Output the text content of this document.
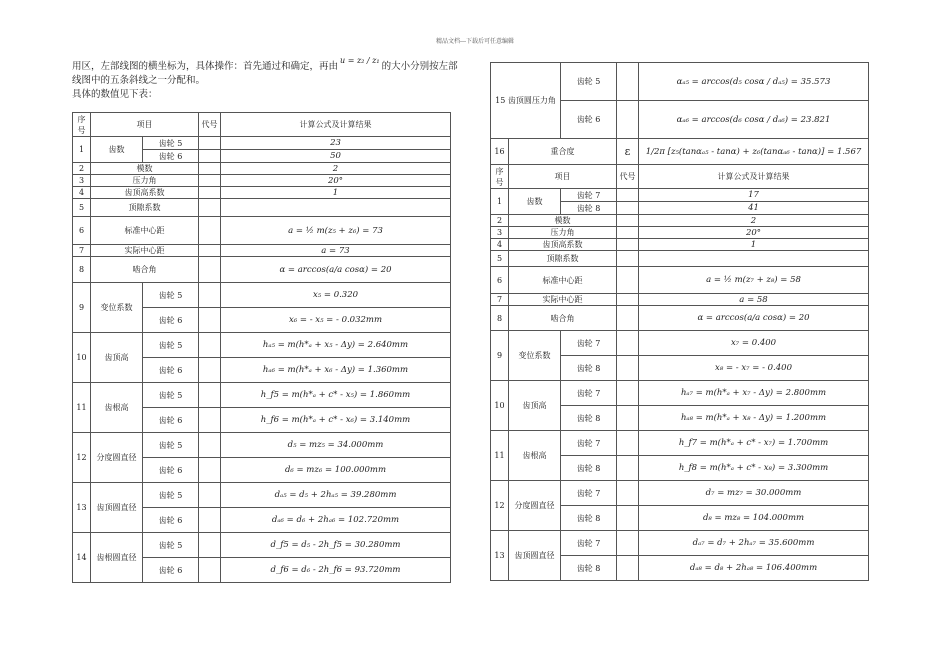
精品文档---下载后可任意编辑
用区，左部线图的横坐标为，具体操作：首先通过和确定，再由$^{u = z_2 / z_1}$的大小分别按左部
线图中的五条斜线之一分配和。
具体的数值见下表：
序号	项目		代号	计算公式及计算结果
1	齿数	齿轮 5		23
		齿轮 6		50
2	模数			2
3	压力角			20°
4	齿顶高系数			1
5	顶隙系数			
6	标准中心距			a = ½ m(z₅ + z₆) = 73
7	实际中心距			a = 73
8	啮合角			α = arccos(a/a cosα) = 20
9	变位系数	齿轮 5		x₅ = 0.320
		齿轮 6		x₆ = - x₅ = - 0.032mm
10	齿顶高	齿轮 5		hₐ₅ = m(h*ₐ + x₅ - Δy) = 2.640mm
		齿轮 6		hₐ₆ = m(h*ₐ + x₆ - Δy) = 1.360mm
11	齿根高	齿轮 5		h_f5 = m(h*ₐ + c* - x₅) = 1.860mm
		齿轮 6		h_f6 = m(h*ₐ + c* - x₆) = 3.140mm
12	分度圆直径	齿轮 5		d₅ = mz₅ = 34.000mm
		齿轮 6		d₆ = mz₆ = 100.000mm
13	齿顶圆直径	齿轮 5		dₐ₅ = d₅ + 2hₐ₅ = 39.280mm
		齿轮 6		dₐ₆ = d₆ + 2hₐ₆ = 102.720mm
14	齿根圆直径	齿轮 5		d_f5 = d₅ - 2h_f5 = 30.280mm
		齿轮 6		d_f6 = d₆ - 2h_f6 = 93.720mm
15 齿顶圆压力角		齿轮 5		αₐ₅ = arccos(d₅ cosα / dₐ₅) = 35.573
		齿轮 6		αₐ₆ = arccos(d₆ cosα / dₐ₆) = 23.821
16	重合度		ε	1/2π [z₅(tanαₐ₅ - tanα) + z₆(tanαₐ₆ - tanα)] = 1.567
序号	项目		代号	计算公式及计算结果
1	齿数	齿轮 7		17
		齿轮 8		41
2	模数			2
3	压力角			20°
4	齿顶高系数			1
5	顶隙系数			
6	标准中心距			a = ½ m(z₇ + z₈) = 58
7	实际中心距			a = 58
8	啮合角			α = arccos(a/a cosα) = 20
9	变位系数	齿轮 7		x₇ = 0.400
		齿轮 8		x₈ = - x₇ = - 0.400
10	齿顶高	齿轮 7		hₐ₇ = m(h*ₐ + x₇ - Δy) = 2.800mm
		齿轮 8		hₐ₈ = m(h*ₐ + x₈ - Δy) = 1.200mm
11	齿根高	齿轮 7		h_f7 = m(h*ₐ + c* - x₇) = 1.700mm
		齿轮 8		h_f8 = m(h*ₐ + c* - x₈) = 3.300mm
12	分度圆直径	齿轮 7		d₇ = mz₇ = 30.000mm
		齿轮 8		d₈ = mz₈ = 104.000mm
13	齿顶圆直径	齿轮 7		dₐ₇ = d₇ + 2hₐ₇ = 35.600mm
		齿轮 8		dₐ₈ = d₈ + 2hₐ₈ = 106.400mm
